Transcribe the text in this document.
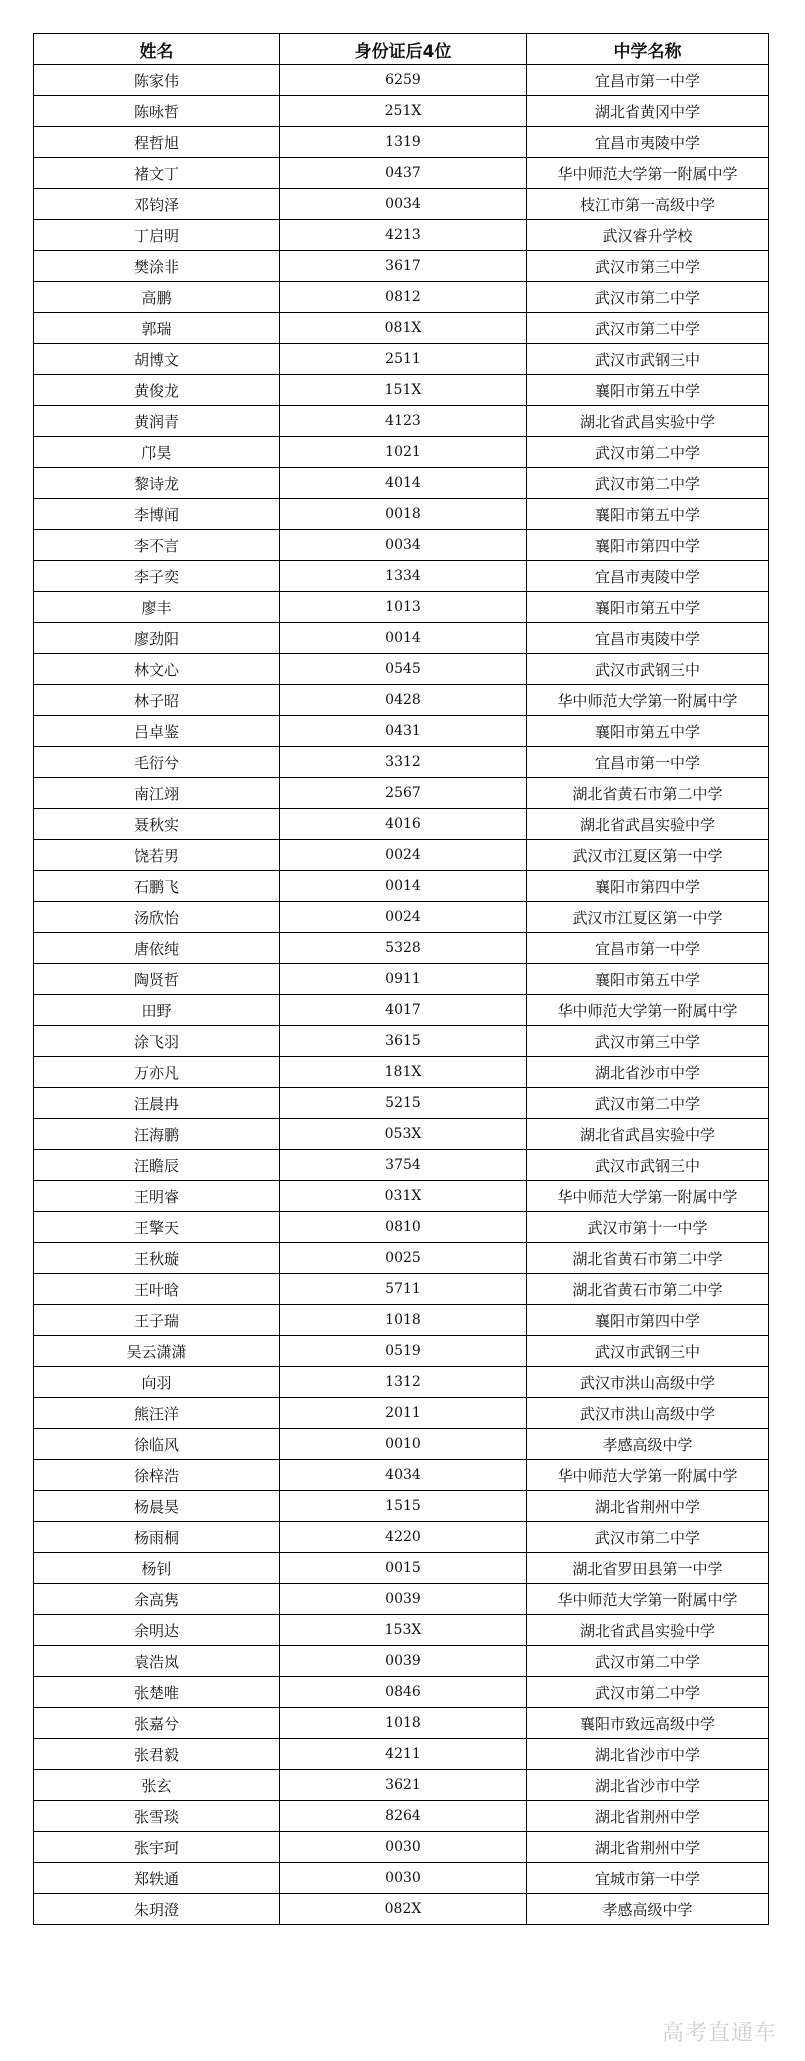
姓名	身份证后4位	中学名称
陈家伟	6259	宜昌市第一中学
陈咏哲	251X	湖北省黄冈中学
程哲旭	1319	宜昌市夷陵中学
褚文丁	0437	华中师范大学第一附属中学
邓钧泽	0034	枝江市第一高级中学
丁启明	4213	武汉睿升学校
樊涂非	3617	武汉市第三中学
高鹏	0812	武汉市第二中学
郭瑞	081X	武汉市第二中学
胡博文	2511	武汉市武钢三中
黄俊龙	151X	襄阳市第五中学
黄润青	4123	湖北省武昌实验中学
邝昊	1021	武汉市第二中学
黎诗龙	4014	武汉市第二中学
李博闻	0018	襄阳市第五中学
李不言	0034	襄阳市第四中学
李子奕	1334	宜昌市夷陵中学
廖丰	1013	襄阳市第五中学
廖劲阳	0014	宜昌市夷陵中学
林文心	0545	武汉市武钢三中
林子昭	0428	华中师范大学第一附属中学
吕卓鉴	0431	襄阳市第五中学
毛衍兮	3312	宜昌市第一中学
南江翊	2567	湖北省黄石市第二中学
聂秋实	4016	湖北省武昌实验中学
饶若男	0024	武汉市江夏区第一中学
石鹏飞	0014	襄阳市第四中学
汤欣怡	0024	武汉市江夏区第一中学
唐依纯	5328	宜昌市第一中学
陶贤哲	0911	襄阳市第五中学
田野	4017	华中师范大学第一附属中学
涂飞羽	3615	武汉市第三中学
万亦凡	181X	湖北省沙市中学
汪晨冉	5215	武汉市第二中学
汪海鹏	053X	湖北省武昌实验中学
汪瞻辰	3754	武汉市武钢三中
王明睿	031X	华中师范大学第一附属中学
王擎天	0810	武汉市第十一中学
王秋璇	0025	湖北省黄石市第二中学
王叶晗	5711	湖北省黄石市第二中学
王子瑞	1018	襄阳市第四中学
吴云潇潇	0519	武汉市武钢三中
向羽	1312	武汉市洪山高级中学
熊汪洋	2011	武汉市洪山高级中学
徐临风	0010	孝感高级中学
徐梓浩	4034	华中师范大学第一附属中学
杨晨昊	1515	湖北省荆州中学
杨雨桐	4220	武汉市第二中学
杨钊	0015	湖北省罗田县第一中学
余高隽	0039	华中师范大学第一附属中学
余明达	153X	湖北省武昌实验中学
袁浩岚	0039	武汉市第二中学
张楚唯	0846	武汉市第二中学
张嘉兮	1018	襄阳市致远高级中学
张君毅	4211	湖北省沙市中学
张玄	3621	湖北省沙市中学
张雪琰	8264	湖北省荆州中学
张宇珂	0030	湖北省荆州中学
郑轶通	0030	宜城市第一中学
朱玥澄	082X	孝感高级中学
高考直通车
